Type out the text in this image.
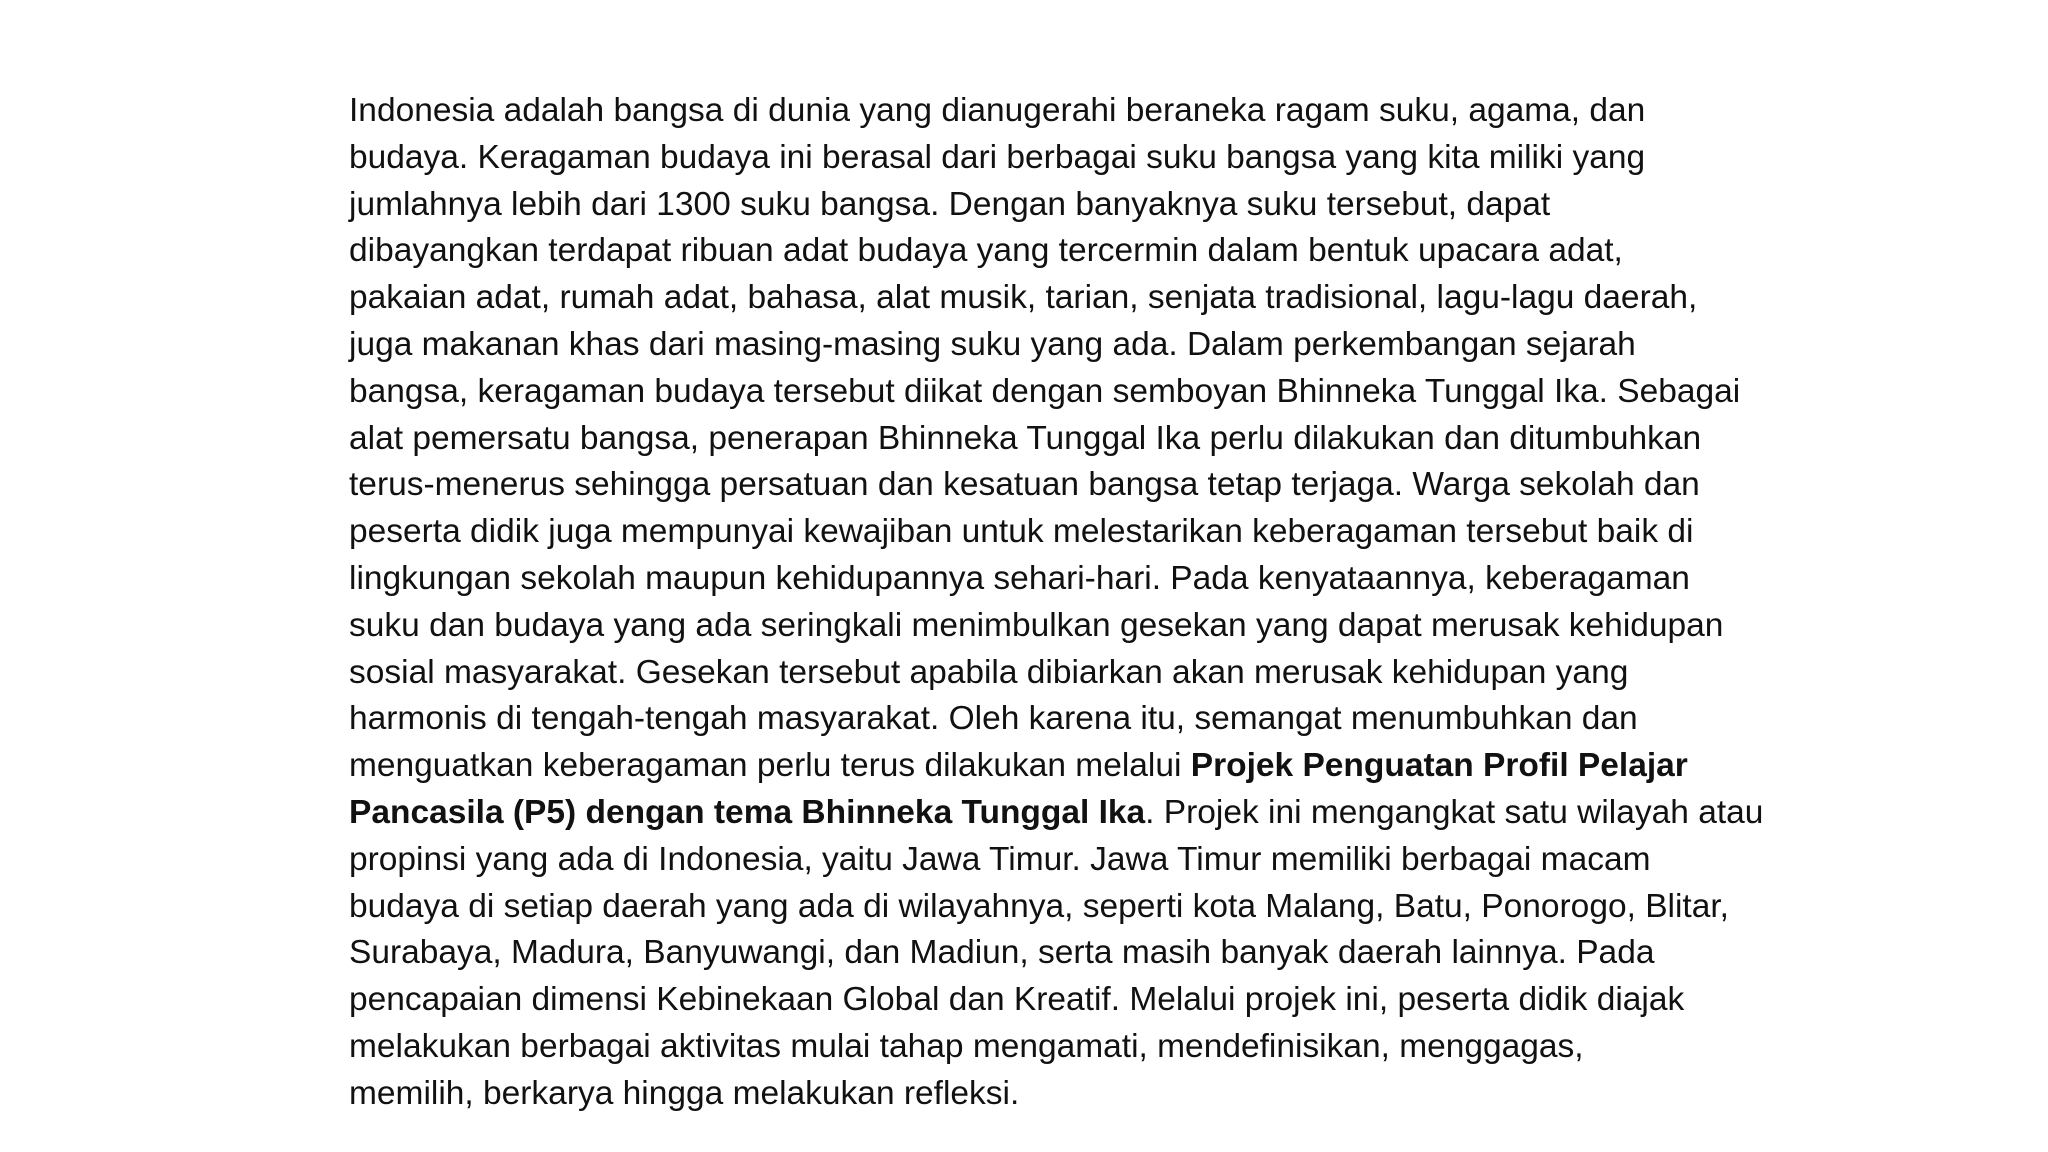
Indonesia adalah bangsa di dunia yang dianugerahi beraneka ragam suku, agama, dan
budaya. Keragaman budaya ini berasal dari berbagai suku bangsa yang kita miliki yang
jumlahnya lebih dari 1300 suku bangsa. Dengan banyaknya suku tersebut, dapat
dibayangkan terdapat ribuan adat budaya yang tercermin dalam bentuk upacara adat,
pakaian adat, rumah adat, bahasa, alat musik, tarian, senjata tradisional, lagu-lagu daerah,
juga makanan khas dari masing-masing suku yang ada. Dalam perkembangan sejarah
bangsa, keragaman budaya tersebut diikat dengan semboyan Bhinneka Tunggal Ika. Sebagai
alat pemersatu bangsa, penerapan Bhinneka Tunggal Ika perlu dilakukan dan ditumbuhkan
terus-menerus sehingga persatuan dan kesatuan bangsa tetap terjaga. Warga sekolah dan
peserta didik juga mempunyai kewajiban untuk melestarikan keberagaman tersebut baik di
lingkungan sekolah maupun kehidupannya sehari-hari. Pada kenyataannya, keberagaman
suku dan budaya yang ada seringkali menimbulkan gesekan yang dapat merusak kehidupan
sosial masyarakat. Gesekan tersebut apabila dibiarkan akan merusak kehidupan yang
harmonis di tengah-tengah masyarakat. Oleh karena itu, semangat menumbuhkan dan
menguatkan keberagaman perlu terus dilakukan melalui Projek Penguatan Profil Pelajar
Pancasila (P5) dengan tema Bhinneka Tunggal Ika. Projek ini mengangkat satu wilayah atau
propinsi yang ada di Indonesia, yaitu Jawa Timur. Jawa Timur memiliki berbagai macam
budaya di setiap daerah yang ada di wilayahnya, seperti kota Malang, Batu, Ponorogo, Blitar,
Surabaya, Madura, Banyuwangi, dan Madiun, serta masih banyak daerah lainnya. Pada
pencapaian dimensi Kebinekaan Global dan Kreatif. Melalui projek ini, peserta didik diajak
melakukan berbagai aktivitas mulai tahap mengamati, mendefinisikan, menggagas,
memilih, berkarya hingga melakukan refleksi.
